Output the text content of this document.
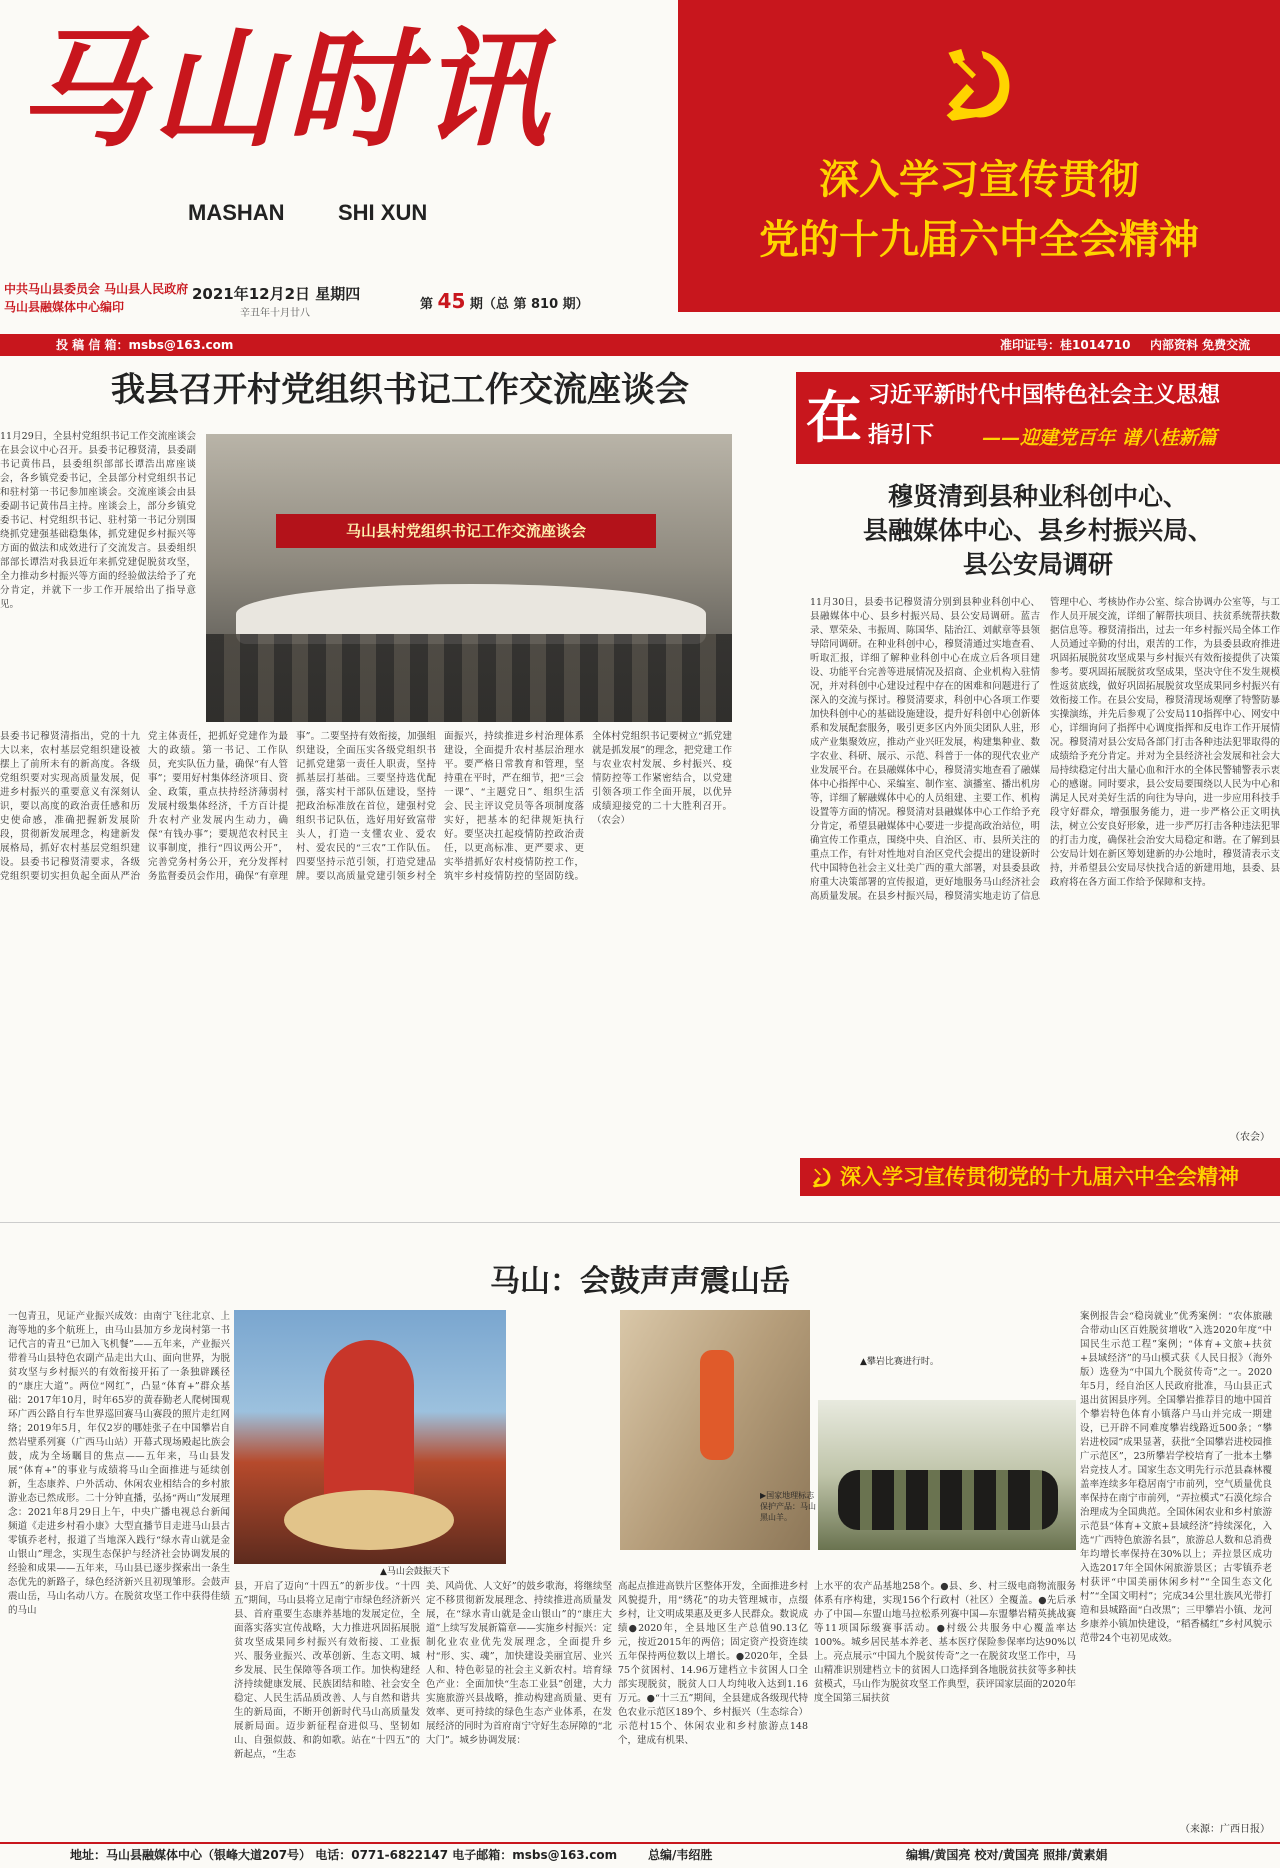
马山时讯
MASHAN SHI XUN
中共马山县委员会 马山县人民政府
马山县融媒体中心编印
2021年12月2日 星期四
辛丑年十月廿八
第 45 期（总 第 810 期）
深入学习宣传贯彻
党的十九届六中全会精神
投 稿 信 箱：msbs@163.com	准印证号：桂1014710 内部资料 免费交流
我县召开村党组织书记工作交流座谈会
11月29日，全县村党组织书记工作交流座谈会在县会议中心召开。县委书记穆贤清，县委副书记黄伟昌，县委组织部部长谭浩出席座谈会，各乡镇党委书记，全县部分村党组织书记和驻村第一书记参加座谈会。交流座谈会由县委副书记黄伟昌主持。座谈会上，部分乡镇党委书记、村党组织书记、驻村第一书记分别围绕抓党建强基础稳集体，抓党建促乡村振兴等方面的做法和成效进行了交流发言。县委组织部部长谭浩对我县近年来抓党建促脱贫攻坚，全力推动乡村振兴等方面的经验做法给予了充分肯定，并就下一步工作开展给出了指导意见。
马山县村党组织书记工作交流座谈会
县委书记穆贤清指出，党的十九大以来，农村基层党组织建设被摆上了前所未有的新高度。各级党组织要对实现高质量发展，促进乡村振兴的重要意义有深刻认识，要以高度的政治责任感和历史使命感，准确把握新发展阶段，贯彻新发展理念，构建新发展格局，抓好农村基层党组织建设。县委书记穆贤清要求，各级党组织要切实担负起全面从严治党主体责任，把抓好党建作为最大的政绩。第一书记、工作队员，充实队伍力量，确保“有人管事”；要用好村集体经济项目、资金、政策，重点扶持经济薄弱村发展村级集体经济，千方百计提升农村产业发展内生动力，确保“有钱办事”；要规范农村民主议事制度，推行“四议两公开”，完善党务村务公开，充分发挥村务监督委员会作用，确保“有章理事”。二要坚持有效衔接，加强组织建设，全面压实各级党组织书记抓党建第一责任人职责，坚持抓基层打基础。三要坚持选优配强，落实村干部队伍建设，坚持把政治标准放在首位，建强村党组织书记队伍，选好用好致富带头人，打造一支懂农业、爱农村、爱农民的“三农”工作队伍。四要坚持示范引领，打造党建品牌。要以高质量党建引领乡村全面振兴，持续推进乡村治理体系建设，全面提升农村基层治理水平。要严格日常教育和管理，坚持重在平时，严在细节，把“三会一课”、“主题党日”、组织生活会、民主评议党员等各项制度落实好，把基本的纪律规矩执行好。要坚决扛起疫情防控政治责任，以更高标准、更严要求、更实举措抓好农村疫情防控工作，筑牢乡村疫情防控的坚固防线。全体村党组织书记要树立“抓党建就是抓发展”的理念，把党建工作与农业农村发展、乡村振兴、疫情防控等工作紧密结合，以党建引领各项工作全面开展，以优异成绩迎接党的二十大胜利召开。（农会）
在 习近平新时代中国特色社会主义思想
指引下	——迎建党百年 谱八桂新篇
穆贤清到县种业科创中心、
县融媒体中心、县乡村振兴局、
县公安局调研
11月30日，县委书记穆贤清分别到县种业科创中心、县融媒体中心、县乡村振兴局、县公安局调研。蓝吉录、覃荣朵、韦振周、陈国华、陆治江、刘献章等县领导陪同调研。在种业科创中心，穆贤清通过实地查看、听取汇报，详细了解种业科创中心在成立后各项目建设、功能平台完善等进展情况及招商、企业机构入驻情况，并对科创中心建设过程中存在的困难和问题进行了深入的交流与探讨。穆贤清要求，科创中心各项工作要加快科创中心的基础设施建设，提升好科创中心创新体系和发展配套服务，吸引更多区内外顶尖团队人驻，形成产业集聚效应，推动产业兴旺发展，构建集种业、数字农业、科研、展示、示范、科普于一体的现代农业产业发展平台。在县融媒体中心，穆贤清实地查看了融媒体中心指挥中心、采编室、制作室、演播室、播出机房等，详细了解融媒体中心的人员组建、主要工作、机构设置等方面的情况。穆贤清对县融媒体中心工作给予充分肯定，希望县融媒体中心要进一步提高政治站位，明确宣传工作重点，围绕中央、自治区、市、县所关注的重点工作，有针对性地对自治区党代会提出的建设新时代中国特色社会主义壮美广西的重大部署，对县委县政府重大决策部署的宣传报道，更好地服务马山经济社会高质量发展。在县乡村振兴局，穆贤清实地走访了信息管理中心、考核协作办公室、综合协调办公室等，与工作人员开展交流，详细了解帮扶项目、扶贫系统帮扶数据信息等。穆贤清指出，过去一年乡村振兴局全体工作人员通过辛勤的付出，艰苦的工作，为县委县政府推进巩固拓展脱贫攻坚成果与乡村振兴有效衔接提供了决策参考。要巩固拓展脱贫攻坚成果，坚决守住不发生规模性返贫底线，做好巩固拓展脱贫攻坚成果同乡村振兴有效衔接工作。在县公安局，穆贤清现场观摩了特警防暴实操演练，并先后参观了公安局110指挥中心、网安中心，详细询问了指挥中心调度指挥和反电诈工作开展情况。穆贤清对县公安局各部门打击各种违法犯罪取得的成绩给予充分肯定。并对为全县经济社会发展和社会大局持续稳定付出大量心血和汗水的全体民警辅警表示衷心的感谢。同时要求，县公安局要围绕以人民为中心和满足人民对美好生活的向往为导向，进一步应用科技手段守好群众，增强服务能力，进一步严格公正文明执法，树立公安良好形象，进一步严厉打击各种违法犯罪的打击力度，确保社会治安大局稳定和谐。在了解到县公安局计划在新区筹划建新的办公地时，穆贤清表示支持，并希望县公安局尽快找合适的新建用地，县委、县政府将在各方面工作给予保障和支持。
（农会）
深入学习宣传贯彻党的十九届六中全会精神
马山：会鼓声声震山岳
一包青丑，见证产业振兴成效：由南宁飞往北京、上海等地的多个航班上，由马山县加方乡龙岗村第一书记代言的青丑“已加入飞机餐”——五年来，产业振兴带着马山县特色农副产品走出大山、面向世界，为脱贫攻坚与乡村振兴的有效衔接开拓了一条独辟蹊径的“康庄大道”。两位“网红”，凸显“体育+”群众基础：2017年10月，时年65岁的黄春勤老人爬树围观环广西公路自行车世界巡回赛马山赛段的照片走红网络；2019年5月，年仅2岁的哪娃张子在中国攀岩自然岩壁系列赛（广西马山站）开幕式现场殿起比族会鼓，成为全场瞩目的焦点——五年来，马山县发展“体育+”的事业与成绩将马山全面推进与延续创新，生态康养、户外活动、休闲农业相结合的乡村旅游业态已然成形。二十分钟直播，弘扬“两山”发展理念：2021年8月29日上午，中央广播电视总台新闻频道《走进乡村看小康》大型直播节目走进马山县古零镇乔老村，报道了当地深入践行“绿水青山就是金山银山”理念，实现生态保护与经济社会协调发展的经验和成果——五年来，马山县已逐步探索出一条生态优先的新路子，绿色经济新兴且初现雏形。会鼓声震山岳，马山名动八方。在脱贫攻坚工作中获得佳绩的马山
▲马山会鼓振天下
▲攀岩比赛进行时。
▶国家地理标志保护产品：马山黑山羊。
县，开启了迈向“十四五”的新步伐。“十四五”期间，马山县将立足南宁市绿色经济新兴县、首府重要生态康养基地的发展定位，全面落实落实宣传战略，大力推进巩固拓展脱贫攻坚成果同乡村振兴有效衔接、工业振兴、服务业振兴、改革创新、生态文明、城乡发展、民生保障等各项工作。加快构建经济持续健康发展、民族团结和睦、社会安全稳定、人民生活品质改善、人与自然和谐共生的新局面，不断开创新时代马山高质量发展新局面。迈步新征程奋进似马、坚韧如山、自强似鼓、和韵如歌。站在“十四五”的新起点，“生态
美、风尚优、人文好”的鼓乡歌海，将继续坚定不移贯彻新发展理念、持续推进高质量发展，在“绿水青山就是金山银山”的“康庄大道”上续写发展新篇章——实施乡村振兴：定制化业农业优先发展理念，全面提升乡村“形、实、魂”，加快建设美丽宜居、业兴人和、特色彰显的社会主义新农村。培育绿色产业：全面加快“生态工业县”创建，大力实施旅游兴县战略，推动构建高质量、更有效率、更可持续的绿色生态产业体系，在发展经济的同时为首府南宁守好生态屏障的“北大门”。城乡协调发展：
高起点推进高铁片区整体开发，全面推进乡村风貌提升，用“绣花”的功夫管理城市，点缀乡村，让文明成果惠及更多人民群众。数说成绩●2020年，全县地区生产总值90.13亿元，按近2015年的两倍；固定资产投资连续五年保持两位数以上增长。●2020年，全县75个贫困村、14.96万建档立卡贫困人口全部实现脱贫，脱贫人口人均纯收入达到1.16万元。●“十三五”期间，全县建成各级现代特色农业示范区189个、乡村振兴（生态综合）示范村15个、休闲农业和乡村旅游点148个，建成有机果、
上水平的农产品基地258个。●县、乡、村三级电商物流服务体系有序构建，实现156个行政村（社区）全覆盖。●先后承办了中国—东盟山地马拉松系列赛中国—东盟攀岩精英挑战赛等11项国际级赛事活动。●村级公共服务中心覆盖率达100%。城乡居民基本养老、基本医疗保险参保率均达90%以上。亮点展示“中国九个脱贫传奇”之一在脱贫攻坚工作中，马山精准识别建档立卡的贫困人口选择到各地脱贫扶贫等多种扶贫模式，马山作为脱贫攻坚工作典型，获评国家层面的2020年度全国第三届扶贫
案例报告会“稳岗就业”优秀案例：“农体旅融合带动山区百姓脱贫增收”入选2020年度“中国民生示范工程”案例；“体育+文旅+扶贫+县域经济”的马山模式获《人民日报》（海外版）选登为“中国九个脱贫传奇”之一。2020年5月，经自治区人民政府批准，马山县正式退出贫困县序列。全国攀岩推荐目的地中国首个攀岩特色体育小镇落户马山并完成一期建设，已开辟不同难度攀岩线路近500条；“攀岩进校园”成果显著，获批“全国攀岩进校园推广示范区”，23所攀岩学校培育了一批本土攀岩竞技人才。国家生态文明先行示范县森林覆盖率连续多年稳居南宁市前列，空气质量优良率保持在南宁市前列，“弄拉模式”石漠化综合治理成为全国典范。全国休闲农业和乡村旅游示范县“体育+文旅+县域经济”持续深化，入选“广西特色旅游名县”，旅游总人数和总消费年均增长率保持在30%以上；弄拉景区成功入选2017年全国休闲旅游景区；古零镇乔老村获评“中国美丽休闲乡村”“全国生态文化村”“全国文明村”；完成34公里壮族风光带打造和县城路面“白改黑”；三甲攀岩小镇、龙河乡康养小镇加快建设，“稻香橘红”乡村风貌示范带24个屯初见成效。
（来源：广西日报）
地址：马山县融媒体中心（银峰大道207号） 电话：0771-6822147 电子邮箱：msbs@163.com	总编/韦绍胜	编辑/黄国亮 校对/黄国亮 照排/黄素娟
